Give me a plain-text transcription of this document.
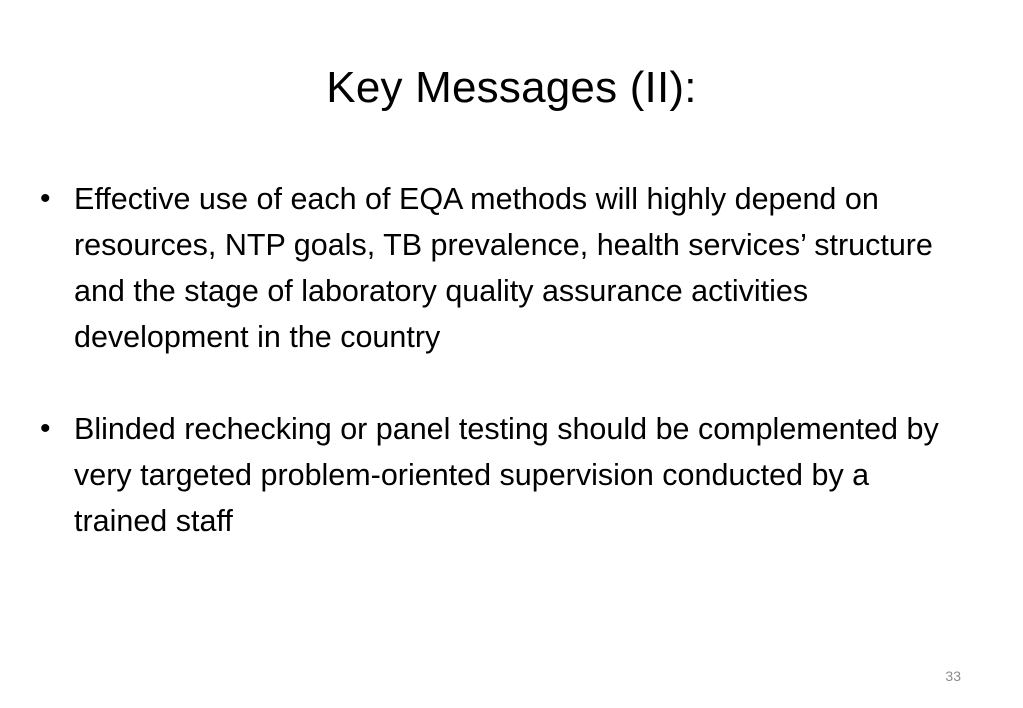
Key Messages (II):
• Effective use of each of EQA methods will highly depend on resources, NTP goals, TB prevalence, health services’ structure and the stage of laboratory quality assurance activities development in the country
• Blinded rechecking or panel testing should be complemented by very targeted problem-oriented supervision conducted by a trained staff
33
